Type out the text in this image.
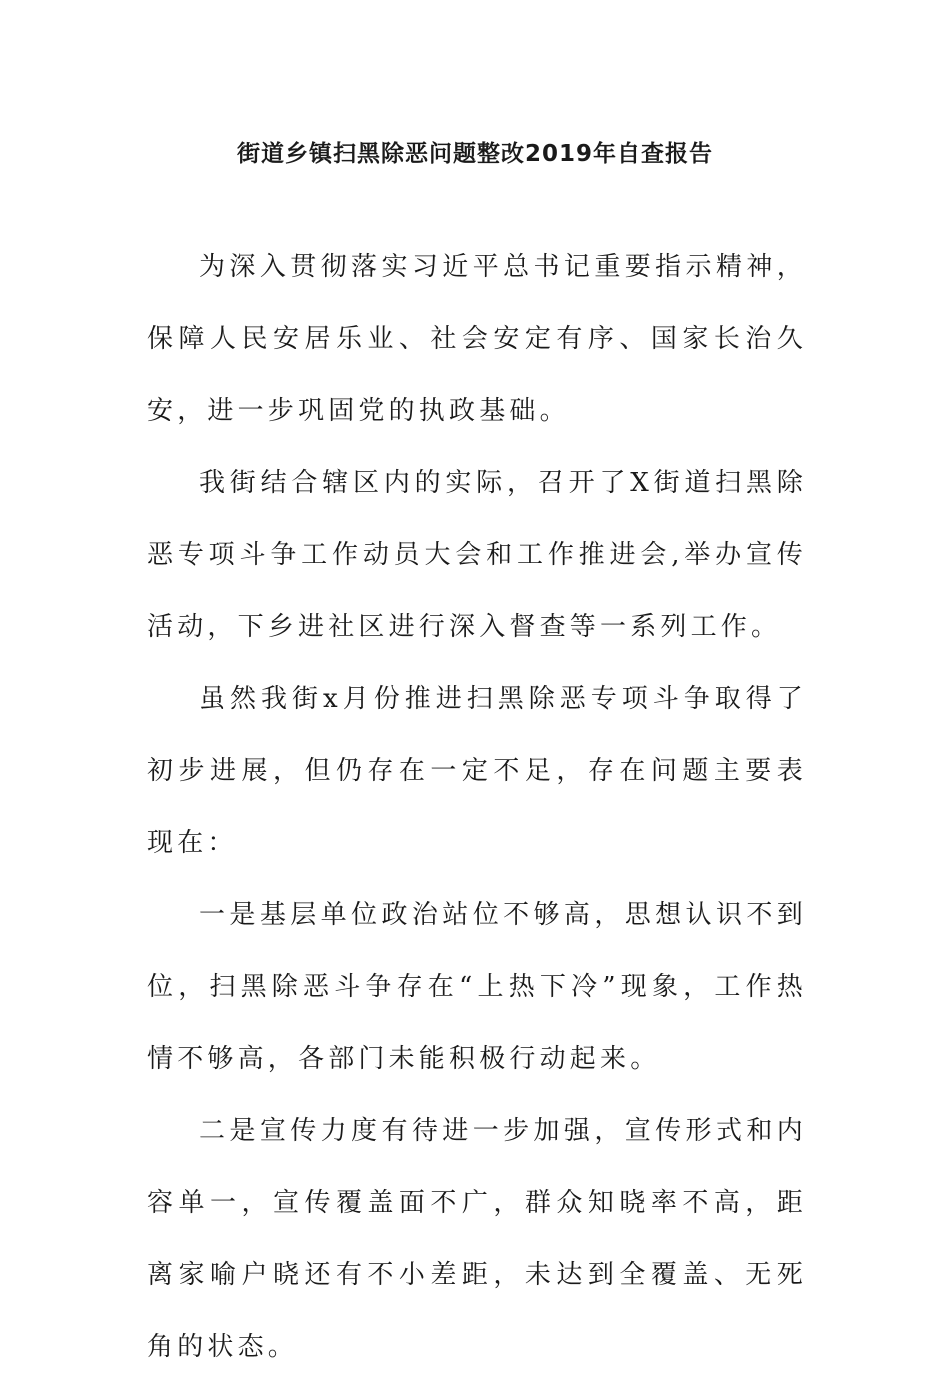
街道乡镇扫黑除恶问题整改2019年自查报告

为深入贯彻落实习近平总书记重要指示精神，保障人民安居乐业、社会安定有序、国家长治久安，进一步巩固党的执政基础。

我街结合辖区内的实际，召开了X街道扫黑除恶专项斗争工作动员大会和工作推进会,举办宣传活动，下乡进社区进行深入督查等一系列工作。

虽然我街x月份推进扫黑除恶专项斗争取得了初步进展，但仍存在一定不足，存在问题主要表现在：

一是基层单位政治站位不够高，思想认识不到位，扫黑除恶斗争存在“上热下冷”现象，工作热情不够高，各部门未能积极行动起来。

二是宣传力度有待进一步加强，宣传形式和内容单一，宣传覆盖面不广，群众知晓率不高，距离家喻户晓还有不小差距，未达到全覆盖、无死角的状态。
